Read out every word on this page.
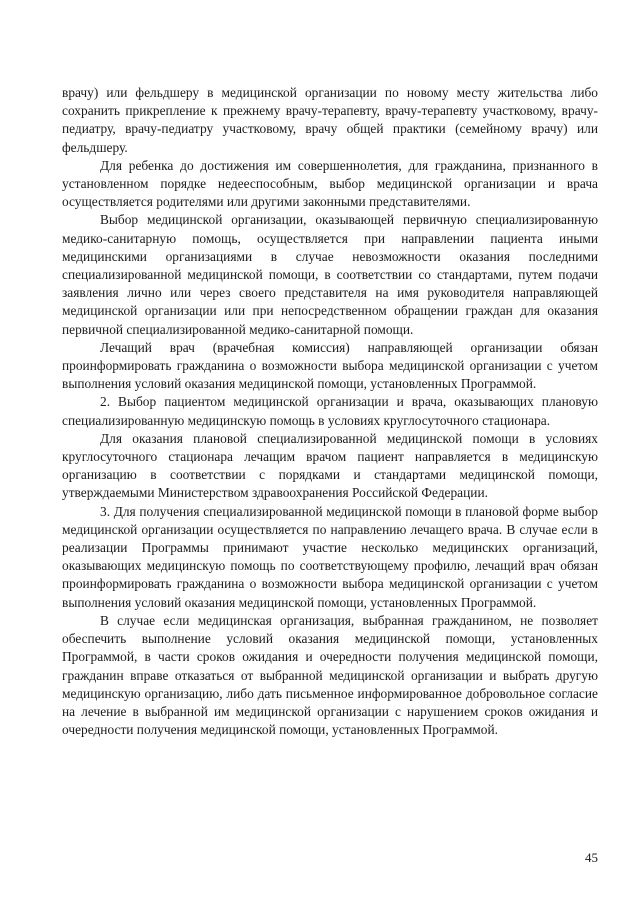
врачу) или фельдшеру в медицинской организации по новому месту жительства либо сохранить прикрепление к прежнему врачу-терапевту, врачу-терапевту участковому, врачу-педиатру, врачу-педиатру участковому, врачу общей практики (семейному врачу) или фельдшеру.

Для ребенка до достижения им совершеннолетия, для гражданина, признанного в установленном порядке недееспособным, выбор медицинской организации и врача осуществляется родителями или другими законными представителями.

Выбор медицинской организации, оказывающей первичную специализированную медико-санитарную помощь, осуществляется при направлении пациента иными медицинскими организациями в случае невозможности оказания последними специализированной медицинской помощи, в соответствии со стандартами, путем подачи заявления лично или через своего представителя на имя руководителя направляющей медицинской организации или при непосредственном обращении граждан для оказания первичной специализированной медико-санитарной помощи.

Лечащий врач (врачебная комиссия) направляющей организации обязан проинформировать гражданина о возможности выбора медицинской организации с учетом выполнения условий оказания медицинской помощи, установленных Программой.

2. Выбор пациентом медицинской организации и врача, оказывающих плановую специализированную медицинскую помощь в условиях круглосуточного стационара.

Для оказания плановой специализированной медицинской помощи в условиях круглосуточного стационара лечащим врачом пациент направляется в медицинскую организацию в соответствии с порядками и стандартами медицинской помощи, утверждаемыми Министерством здравоохранения Российской Федерации.

3. Для получения специализированной медицинской помощи в плановой форме выбор медицинской организации осуществляется по направлению лечащего врача. В случае если в реализации Программы принимают участие несколько медицинских организаций, оказывающих медицинскую помощь по соответствующему профилю, лечащий врач обязан проинформировать гражданина о возможности выбора медицинской организации с учетом выполнения условий оказания медицинской помощи, установленных Программой.

В случае если медицинская организация, выбранная гражданином, не позволяет обеспечить выполнение условий оказания медицинской помощи, установленных Программой, в части сроков ожидания и очередности получения медицинской помощи, гражданин вправе отказаться от выбранной медицинской организации и выбрать другую медицинскую организацию, либо дать письменное информированное добровольное согласие на лечение в выбранной им медицинской организации с нарушением сроков ожидания и очередности получения медицинской помощи, установленных Программой.

45
